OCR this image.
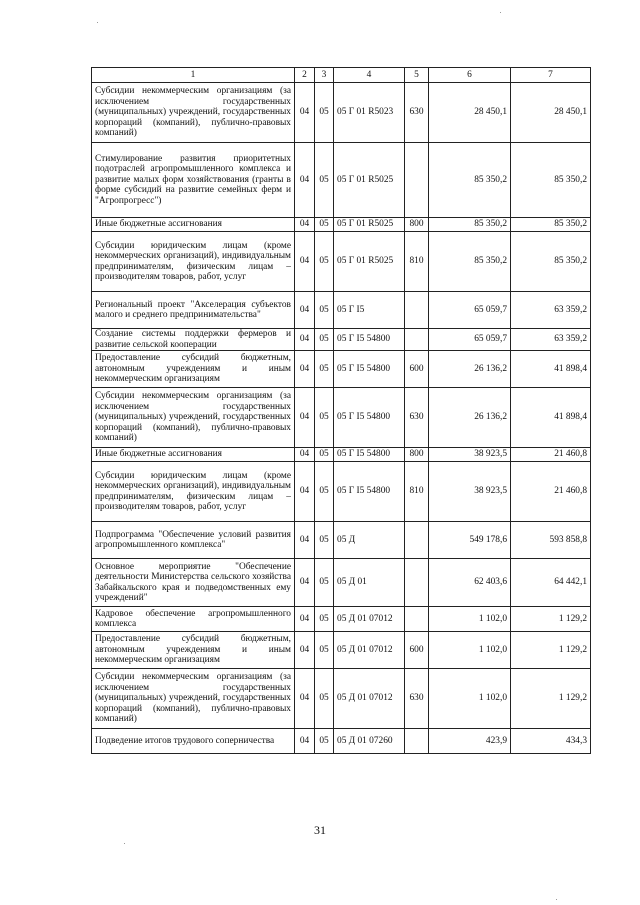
1	2	3	4	5	6	7
Субсидии некоммерческим организациям (за исключением государственных (муниципальных) учреждений, государственных корпораций (компаний), публично-правовых компаний)	04	05	05 Г 01 R5023	630	28 450,1	28 450,1
Стимулирование развития приоритетных подотраслей агропромышленного комплекса и развитие малых форм хозяйствования (гранты в форме субсидий на развитие семейных ферм и "Агропрогресс")	04	05	05 Г 01 R5025		85 350,2	85 350,2
Иные бюджетные ассигнования	04	05	05 Г 01 R5025	800	85 350,2	85 350,2
Субсидии юридическим лицам (кроме некоммерческих организаций), индивидуальным предпринимателям, физическим лицам – производителям товаров, работ, услуг	04	05	05 Г 01 R5025	810	85 350,2	85 350,2
Региональный проект "Акселерация субъектов малого и среднего предпринимательства"	04	05	05 Г I5		65 059,7	63 359,2
Создание системы поддержки фермеров и развитие сельской кооперации	04	05	05 Г I5 54800		65 059,7	63 359,2
Предоставление субсидий бюджетным, автономным учреждениям и иным некоммерческим организациям	04	05	05 Г I5 54800	600	26 136,2	41 898,4
Субсидии некоммерческим организациям (за исключением государственных (муниципальных) учреждений, государственных корпораций (компаний), публично-правовых компаний)	04	05	05 Г I5 54800	630	26 136,2	41 898,4
Иные бюджетные ассигнования	04	05	05 Г I5 54800	800	38 923,5	21 460,8
Субсидии юридическим лицам (кроме некоммерческих организаций), индивидуальным предпринимателям, физическим лицам – производителям товаров, работ, услуг	04	05	05 Г I5 54800	810	38 923,5	21 460,8
Подпрограмма "Обеспечение условий развития агропромышленного комплекса"	04	05	05 Д		549 178,6	593 858,8
Основное мероприятие "Обеспечение деятельности Министерства сельского хозяйства Забайкальского края и подведомственных ему учреждений"	04	05	05 Д 01		62 403,6	64 442,1
Кадровое обеспечение агропромышленного комплекса	04	05	05 Д 01 07012		1 102,0	1 129,2
Предоставление субсидий бюджетным, автономным учреждениям и иным некоммерческим организациям	04	05	05 Д 01 07012	600	1 102,0	1 129,2
Субсидии некоммерческим организациям (за исключением государственных (муниципальных) учреждений, государственных корпораций (компаний), публично-правовых компаний)	04	05	05 Д 01 07012	630	1 102,0	1 129,2
Подведение итогов трудового соперничества	04	05	05 Д 01 07260		423,9	434,3
31
